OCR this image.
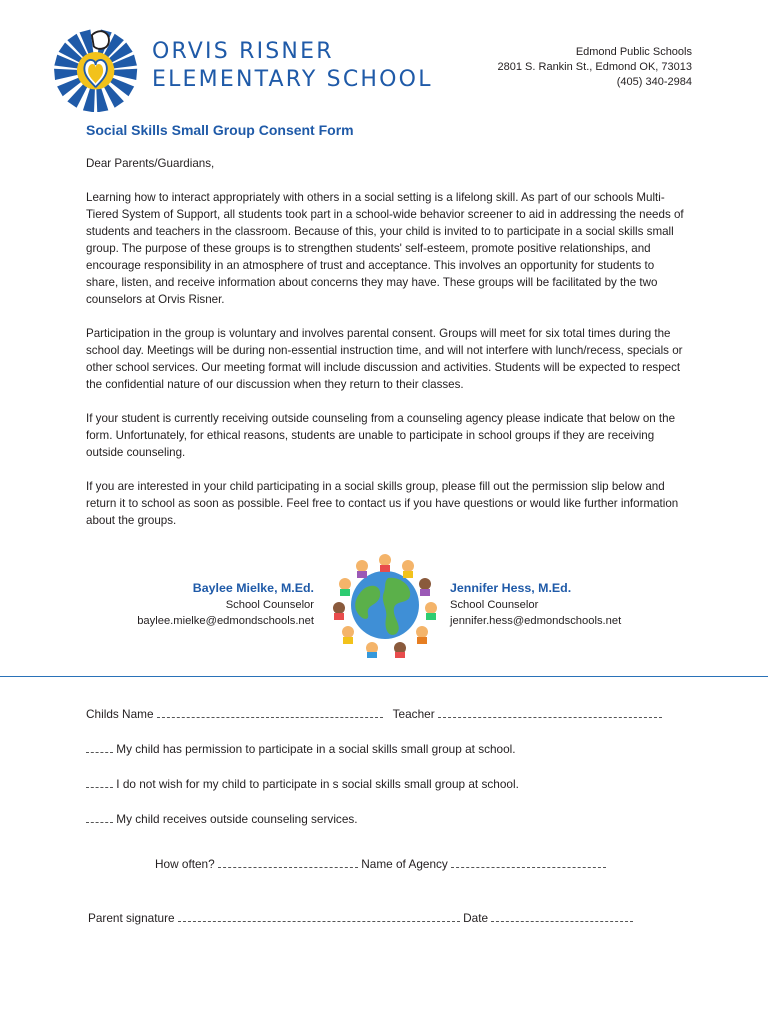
ORVIS RISNER
ELEMENTARY SCHOOL
Edmond Public Schools
2801 S. Rankin St., Edmond OK, 73013
(405) 340-2984
Social Skills Small Group Consent Form

Dear Parents/Guardians,

Learning how to interact appropriately with others in a social setting is a lifelong skill. As part of our schools Multi-Tiered System of Support, all students took part in a school-wide behavior screener to aid in addressing the needs of students and teachers in the classroom. Because of this, your child is invited to to participate in a social skills small group. The purpose of these groups is to strengthen students' self-esteem, promote positive relationships, and encourage responsibility in an atmosphere of trust and acceptance. This involves an opportunity for students to share, listen, and receive information about concerns they may have. These groups will be facilitated by the two counselors at Orvis Risner.

Participation in the group is voluntary and involves parental consent. Groups will meet for six total times during the school day. Meetings will be during non-essential instruction time, and will not interfere with lunch/recess, specials or other school services. Our meeting format will include discussion and activities. Students will be expected to respect the confidential nature of our discussion when they return to their classes.

If your student is currently receiving outside counseling from a counseling agency please indicate that below on the form. Unfortunately, for ethical reasons, students are unable to participate in school groups if they are receiving outside counseling.

If you are interested in your child participating in a social skills group, please fill out the permission slip below and return it to school as soon as possible. Feel free to contact us if you have questions or would like further information about the groups.

Baylee Mielke, M.Ed.
School Counselor
baylee.mielke@edmondschools.net
Jennifer Hess, M.Ed.
School Counselor
jennifer.hess@edmondschools.net
Childs Name	Teacher
My child has permission to participate in a social skills small group at school.
I do not wish for my child to participate in s social skills small group at school.
My child receives outside counseling services.
How often?	Name of Agency
Parent signature	Date
